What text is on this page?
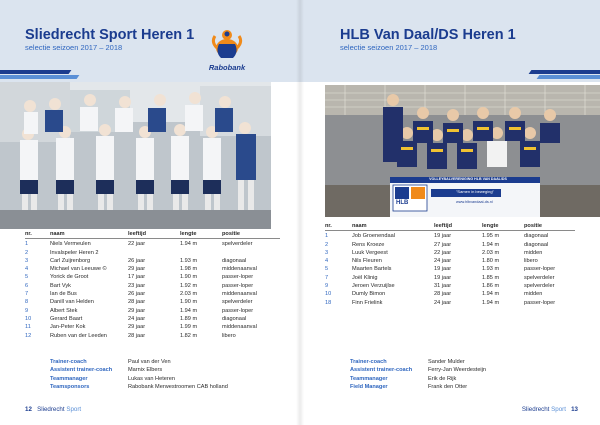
Sliedrecht Sport Heren 1
selectie seizoen 2017 – 2018
Rabobank
nr.	naam	leeftijd	lengte	positie
1	Niels Vermeulen	22 jaar	1.94 m	spelverdeler
2	Invalspeler Heren 2
3	Carl Zuijrenborg	26 jaar	1.93 m	diagonaal
4	Michael van Leeuwe ©	29 jaar	1.98 m	middenaanval
5	Yorick de Groot	17 jaar	1.90 m	passer-loper
6	Bart Vyk	23 jaar	1.92 m	passer-loper
7	Ian de Bus	26 jaar	2.03 m	middenaanval
8	Danill van Helden	28 jaar	1.90 m	spelverdeler
9	Albert Stek	29 jaar	1.94 m	passer-loper
10	Gerard Baart	24 jaar	1.89 m	diagonaal
11	Jan-Peter Kok	29 jaar	1.99 m	middenaanval
12	Ruben van der Leeden	28 jaar	1.82 m	libero
Trainer-coach	Paul van der Ven
Assistent trainer-coach	Marnix Elbers
Teammanager	Lukas van Heteren
Teamsponsors	Rabobank Merwestroomen CAB holland
12 Sliedrecht Sport
HLB Van Daal/DS Heren 1
selectie seizoen 2017 – 2018
VOLLEYBALVERENIGING HLB VAN DAAL/DS
HLB
"Samen in beweging"
www.hlbvandaal-ds.nl
nr.	naam	leeftijd	lengte	positie
1	Job Groenendaal	19 jaar	1.95 m	diagonaal
2	Rens Kroeze	27 jaar	1.94 m	diagonaal
3	Luuk Vergeest	22 jaar	2.03 m	midden
4	Nils Fleuren	24 jaar	1.80 m	libero
5	Maarten Bartels	19 jaar	1.93 m	passer-loper
7	Joël Klinig	19 jaar	1.85 m	spelverdeler
9	Jeroen Verzuijlse	31 jaar	1.86 m	spelverdeler
10	Dumly Bimon	28 jaar	1.94 m	midden
18	Finn Frielink	24 jaar	1.94 m	passer-loper
Trainer-coach	Sander Mulder
Assistent trainer-coach	Ferry-Jan Weerdesteijn
Teammanager	Erik de Rijk
Field Manager	Frank den Otter
Sliedrecht Sport 13
